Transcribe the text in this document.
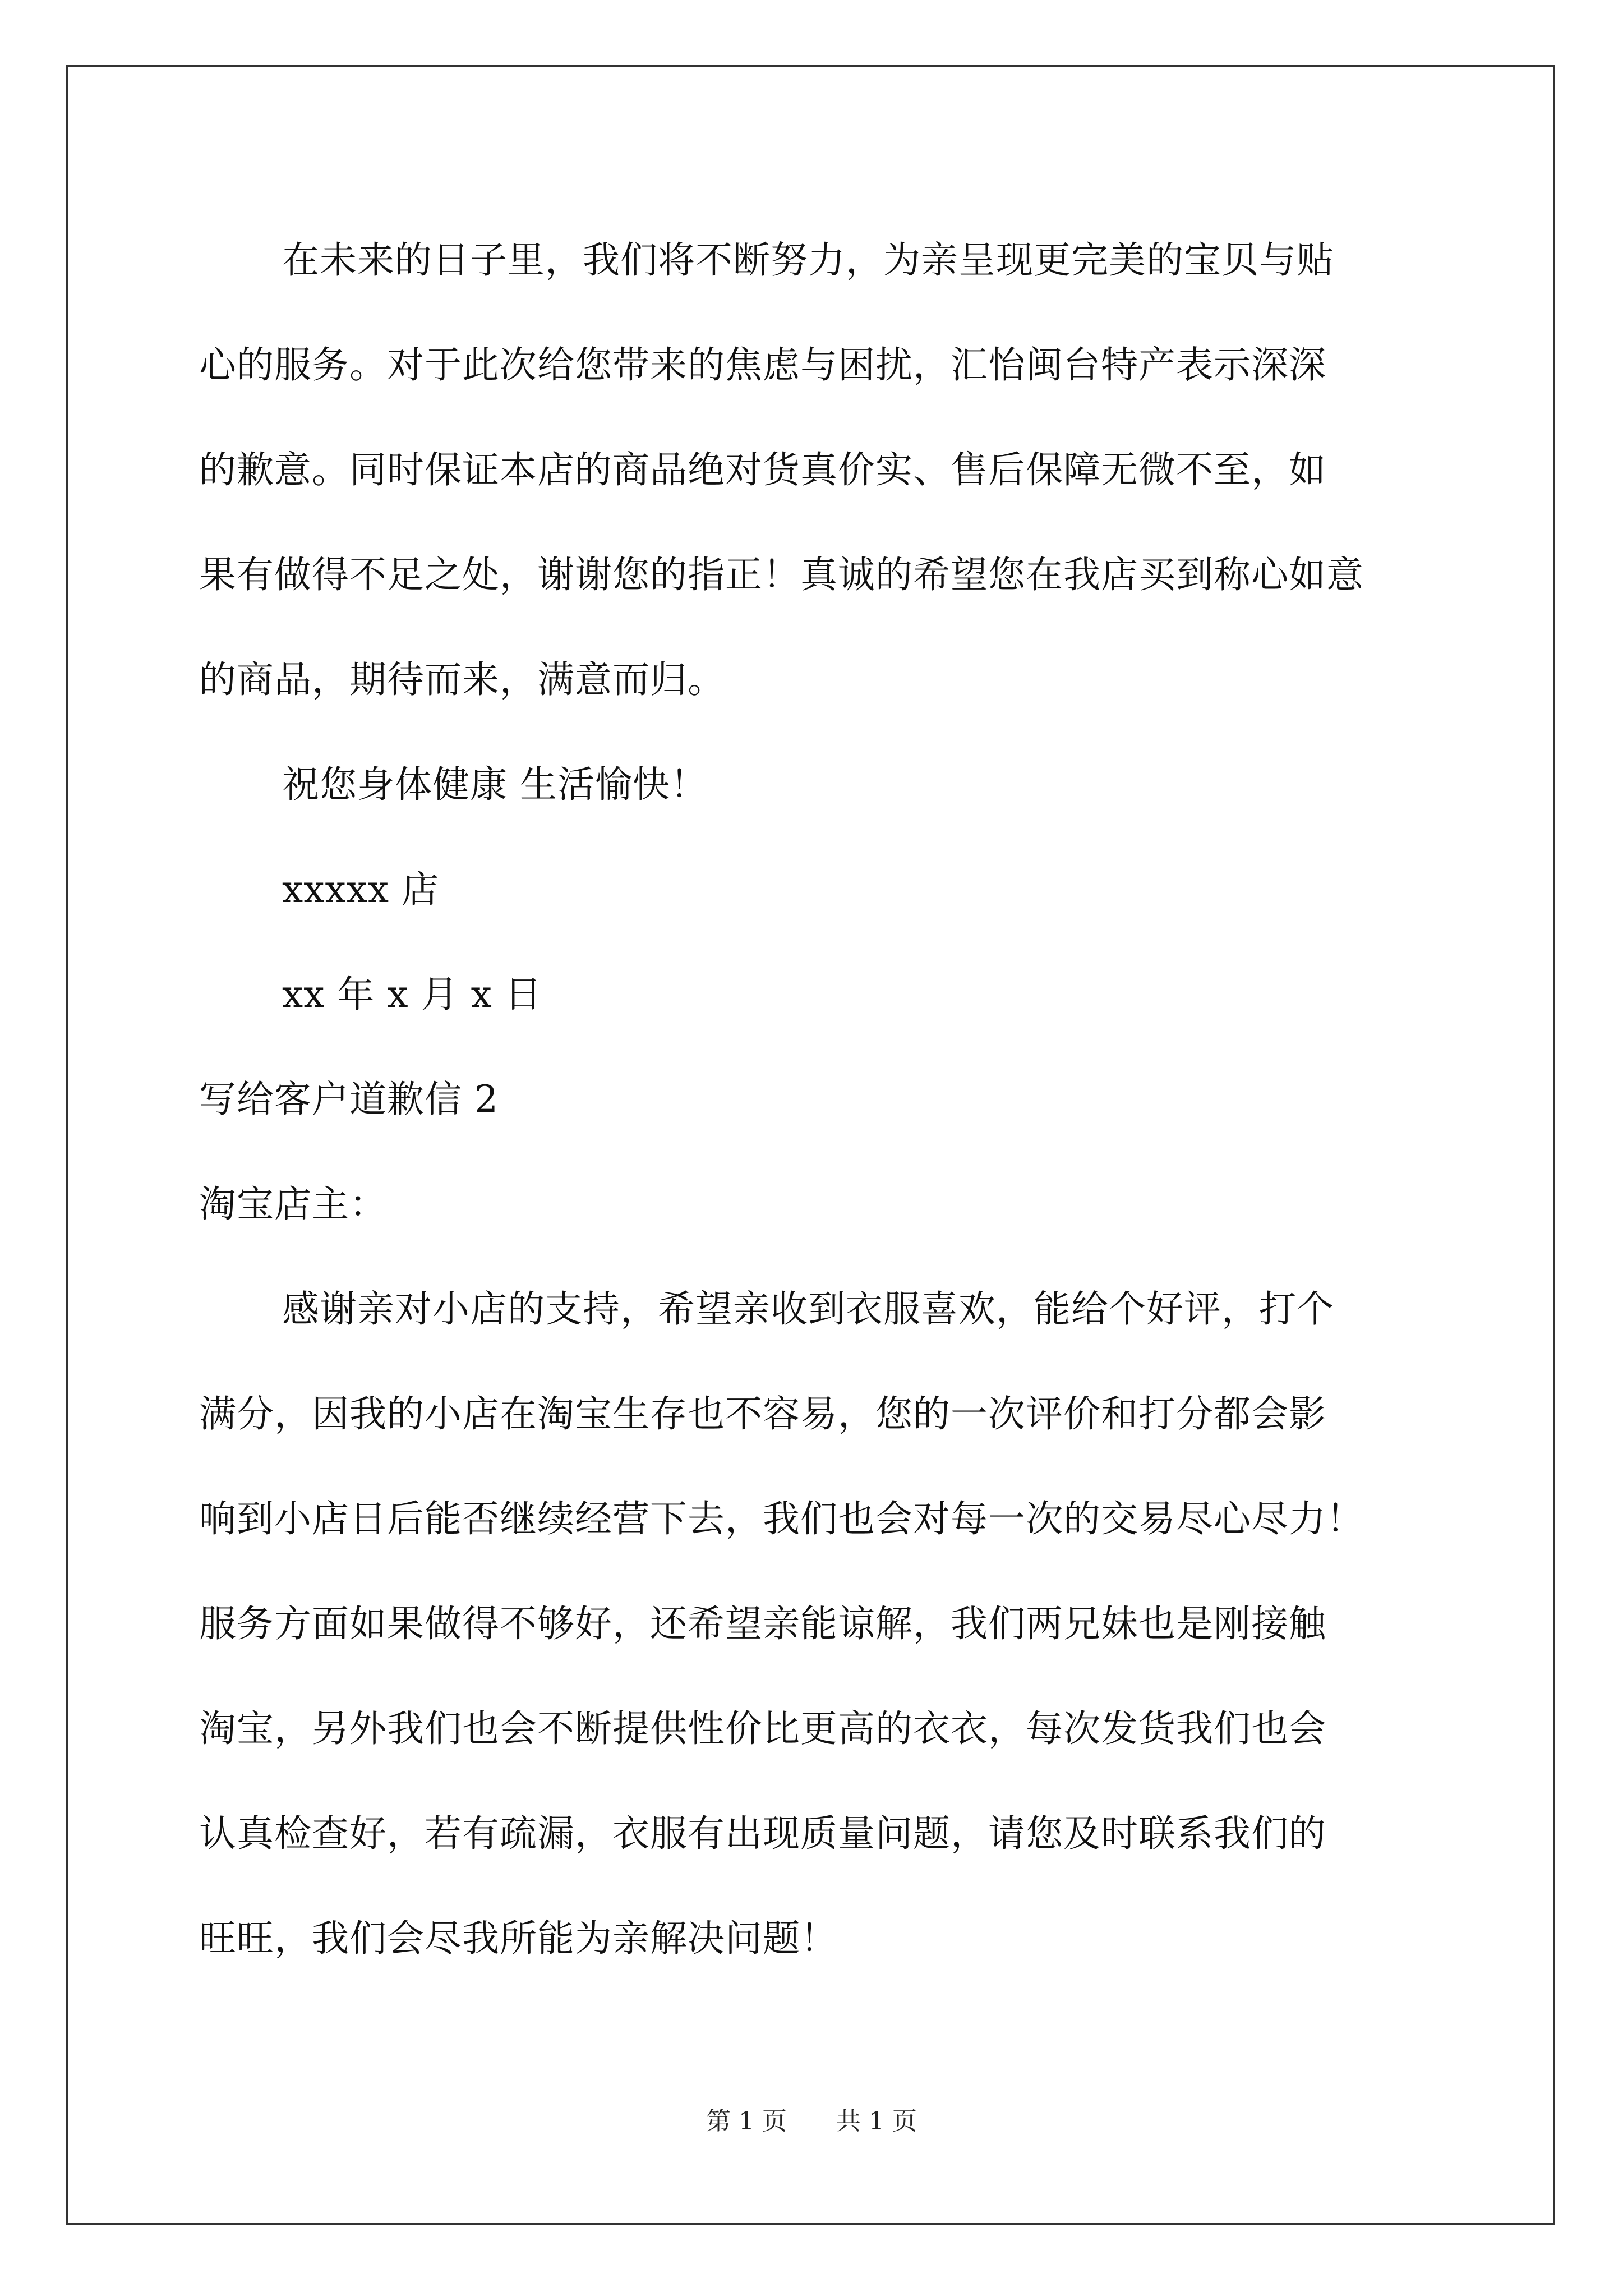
在未来的日子里，我们将不断努力，为亲呈现更完美的宝贝与贴
心的服务。对于此次给您带来的焦虑与困扰，汇怡闽台特产表示深深
的歉意。同时保证本店的商品绝对货真价实、售后保障无微不至，如
果有做得不足之处，谢谢您的指正！真诚的希望您在我店买到称心如意
的商品，期待而来，满意而归。
祝您身体健康 生活愉快！
xxxxx 店
xx 年 x 月 x 日
写给客户道歉信 2
淘宝店主：
感谢亲对小店的支持，希望亲收到衣服喜欢，能给个好评，打个
满分，因我的小店在淘宝生存也不容易，您的一次评价和打分都会影
响到小店日后能否继续经营下去，我们也会对每一次的交易尽心尽力！
服务方面如果做得不够好，还希望亲能谅解，我们两兄妹也是刚接触
淘宝，另外我们也会不断提供性价比更高的衣衣，每次发货我们也会
认真检查好，若有疏漏，衣服有出现质量问题，请您及时联系我们的
旺旺，我们会尽我所能为亲解决问题！
第 1 页 共 1 页
